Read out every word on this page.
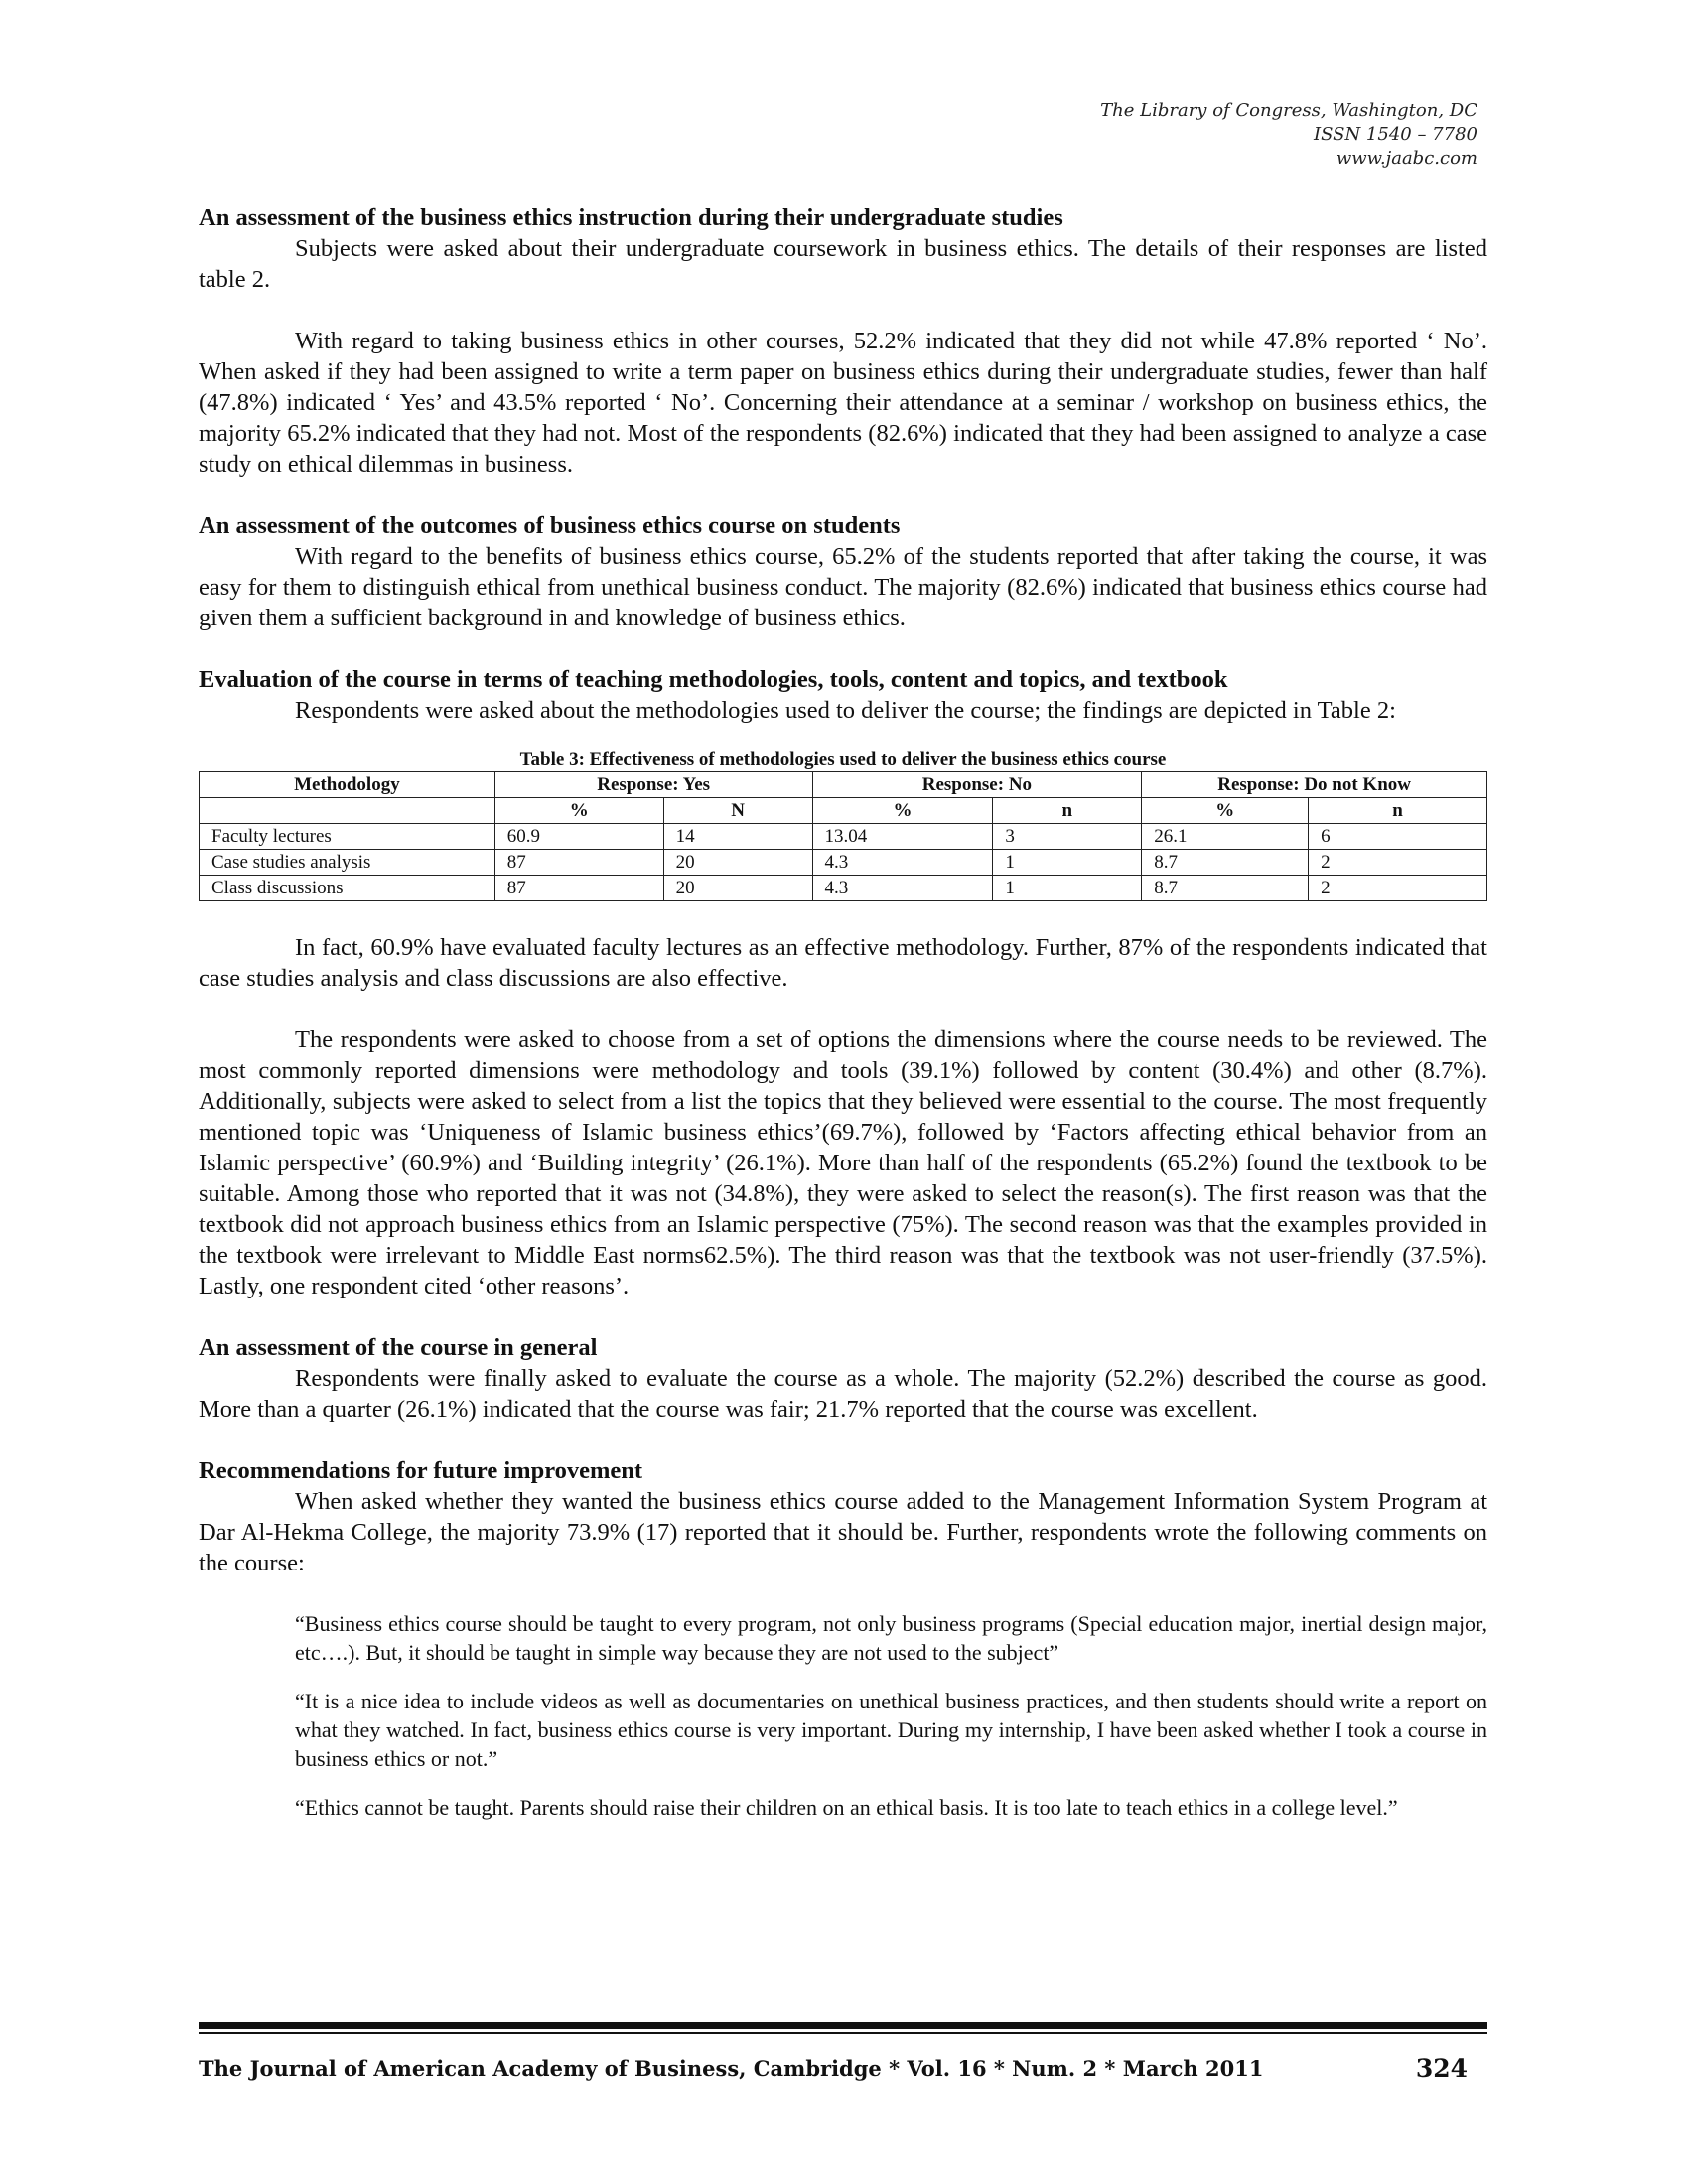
The Library of Congress, Washington, DC
ISSN 1540 – 7780
www.jaabc.com

An assessment of the business ethics instruction during their undergraduate studies

Subjects were asked about their undergraduate coursework in business ethics. The details of their responses are listed table 2.

With regard to taking business ethics in other courses, 52.2% indicated that they did not while 47.8% reported ‘ No’. When asked if they had been assigned to write a term paper on business ethics during their undergraduate studies, fewer than half (47.8%) indicated ‘ Yes’ and 43.5% reported ‘ No’. Concerning their attendance at a seminar / workshop on business ethics, the majority 65.2% indicated that they had not. Most of the respondents (82.6%) indicated that they had been assigned to analyze a case study on ethical dilemmas in business.

An assessment of the outcomes of business ethics course on students

With regard to the benefits of business ethics course, 65.2% of the students reported that after taking the course, it was easy for them to distinguish ethical from unethical business conduct. The majority (82.6%) indicated that business ethics course had given them a sufficient background in and knowledge of business ethics.

Evaluation of the course in terms of teaching methodologies, tools, content and topics, and textbook

Respondents were asked about the methodologies used to deliver the course; the findings are depicted in Table 2:

Table 3: Effectiveness of methodologies used to deliver the business ethics course

Methodology	Response: Yes		Response: No		Response: Do not Know	
	%	N	%	n	%	n
Faculty lectures	60.9	14	13.04	3	26.1	6
Case studies analysis	87	20	4.3	1	8.7	2
Class discussions	87	20	4.3	1	8.7	2

In fact, 60.9% have evaluated faculty lectures as an effective methodology. Further, 87% of the respondents indicated that case studies analysis and class discussions are also effective.

The respondents were asked to choose from a set of options the dimensions where the course needs to be reviewed. The most commonly reported dimensions were methodology and tools (39.1%) followed by content (30.4%) and other (8.7%). Additionally, subjects were asked to select from a list the topics that they believed were essential to the course. The most frequently mentioned topic was ‘Uniqueness of Islamic business ethics’(69.7%), followed by ‘Factors affecting ethical behavior from an Islamic perspective’ (60.9%) and ‘Building integrity’ (26.1%). More than half of the respondents (65.2%) found the textbook to be suitable. Among those who reported that it was not (34.8%), they were asked to select the reason(s). The first reason was that the textbook did not approach business ethics from an Islamic perspective (75%). The second reason was that the examples provided in the textbook were irrelevant to Middle East norms62.5%). The third reason was that the textbook was not user-friendly (37.5%). Lastly, one respondent cited ‘other reasons’.

An assessment of the course in general

Respondents were finally asked to evaluate the course as a whole. The majority (52.2%) described the course as good. More than a quarter (26.1%) indicated that the course was fair; 21.7% reported that the course was excellent.

Recommendations for future improvement

When asked whether they wanted the business ethics course added to the Management Information System Program at Dar Al-Hekma College, the majority 73.9% (17) reported that it should be. Further, respondents wrote the following comments on the course:

“Business ethics course should be taught to every program, not only business programs (Special education major, inertial design major, etc….). But, it should be taught in simple way because they are not used to the subject”

“It is a nice idea to include videos as well as documentaries on unethical business practices, and then students should write a report on what they watched. In fact, business ethics course is very important. During my internship, I have been asked whether I took a course in business ethics or not.”

“Ethics cannot be taught. Parents should raise their children on an ethical basis. It is too late to teach ethics in a college level.”

The Journal of American Academy of Business, Cambridge * Vol. 16 * Num. 2 * March 2011	324
